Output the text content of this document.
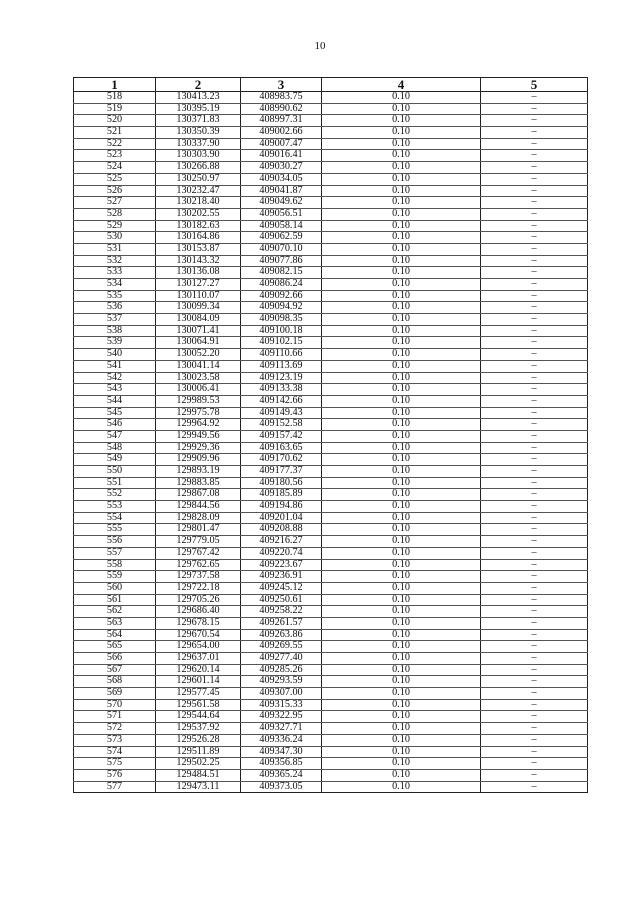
10
1	2	3	4	5
518	130413.23	408983.75	0.10	–
519	130395.19	408990.62	0.10	–
520	130371.83	408997.31	0.10	–
521	130350.39	409002.66	0.10	–
522	130337.90	409007.47	0.10	–
523	130303.90	409016.41	0.10	–
524	130266.88	409030.27	0.10	–
525	130250.97	409034.05	0.10	–
526	130232.47	409041.87	0.10	–
527	130218.40	409049.62	0.10	–
528	130202.55	409056.51	0.10	–
529	130182.63	409058.14	0.10	–
530	130164.86	409062.59	0.10	–
531	130153.87	409070.10	0.10	–
532	130143.32	409077.86	0.10	–
533	130136.08	409082.15	0.10	–
534	130127.27	409086.24	0.10	–
535	130110.07	409092.66	0.10	–
536	130099.34	409094.92	0.10	–
537	130084.09	409098.35	0.10	–
538	130071.41	409100.18	0.10	–
539	130064.91	409102.15	0.10	–
540	130052.20	409110.66	0.10	–
541	130041.14	409113.69	0.10	–
542	130023.58	409123.19	0.10	–
543	130006.41	409133.38	0.10	–
544	129989.53	409142.66	0.10	–
545	129975.78	409149.43	0.10	–
546	129964.92	409152.58	0.10	–
547	129949.56	409157.42	0.10	–
548	129929.36	409163.65	0.10	–
549	129909.96	409170.62	0.10	–
550	129893.19	409177.37	0.10	–
551	129883.85	409180.56	0.10	–
552	129867.08	409185.89	0.10	–
553	129844.56	409194.86	0.10	–
554	129828.09	409201.04	0.10	–
555	129801.47	409208.88	0.10	–
556	129779.05	409216.27	0.10	–
557	129767.42	409220.74	0.10	–
558	129762.65	409223.67	0.10	–
559	129737.58	409236.91	0.10	–
560	129722.18	409245.12	0.10	–
561	129705.26	409250.61	0.10	–
562	129686.40	409258.22	0.10	–
563	129678.15	409261.57	0.10	–
564	129670.54	409263.86	0.10	–
565	129654.00	409269.55	0.10	–
566	129637.01	409277.40	0.10	–
567	129620.14	409285.26	0.10	–
568	129601.14	409293.59	0.10	–
569	129577.45	409307.00	0.10	–
570	129561.58	409315.33	0.10	–
571	129544.64	409322.95	0.10	–
572	129537.92	409327.71	0.10	–
573	129526.28	409336.24	0.10	–
574	129511.89	409347.30	0.10	–
575	129502.25	409356.85	0.10	–
576	129484.51	409365.24	0.10	–
577	129473.11	409373.05	0.10	–
